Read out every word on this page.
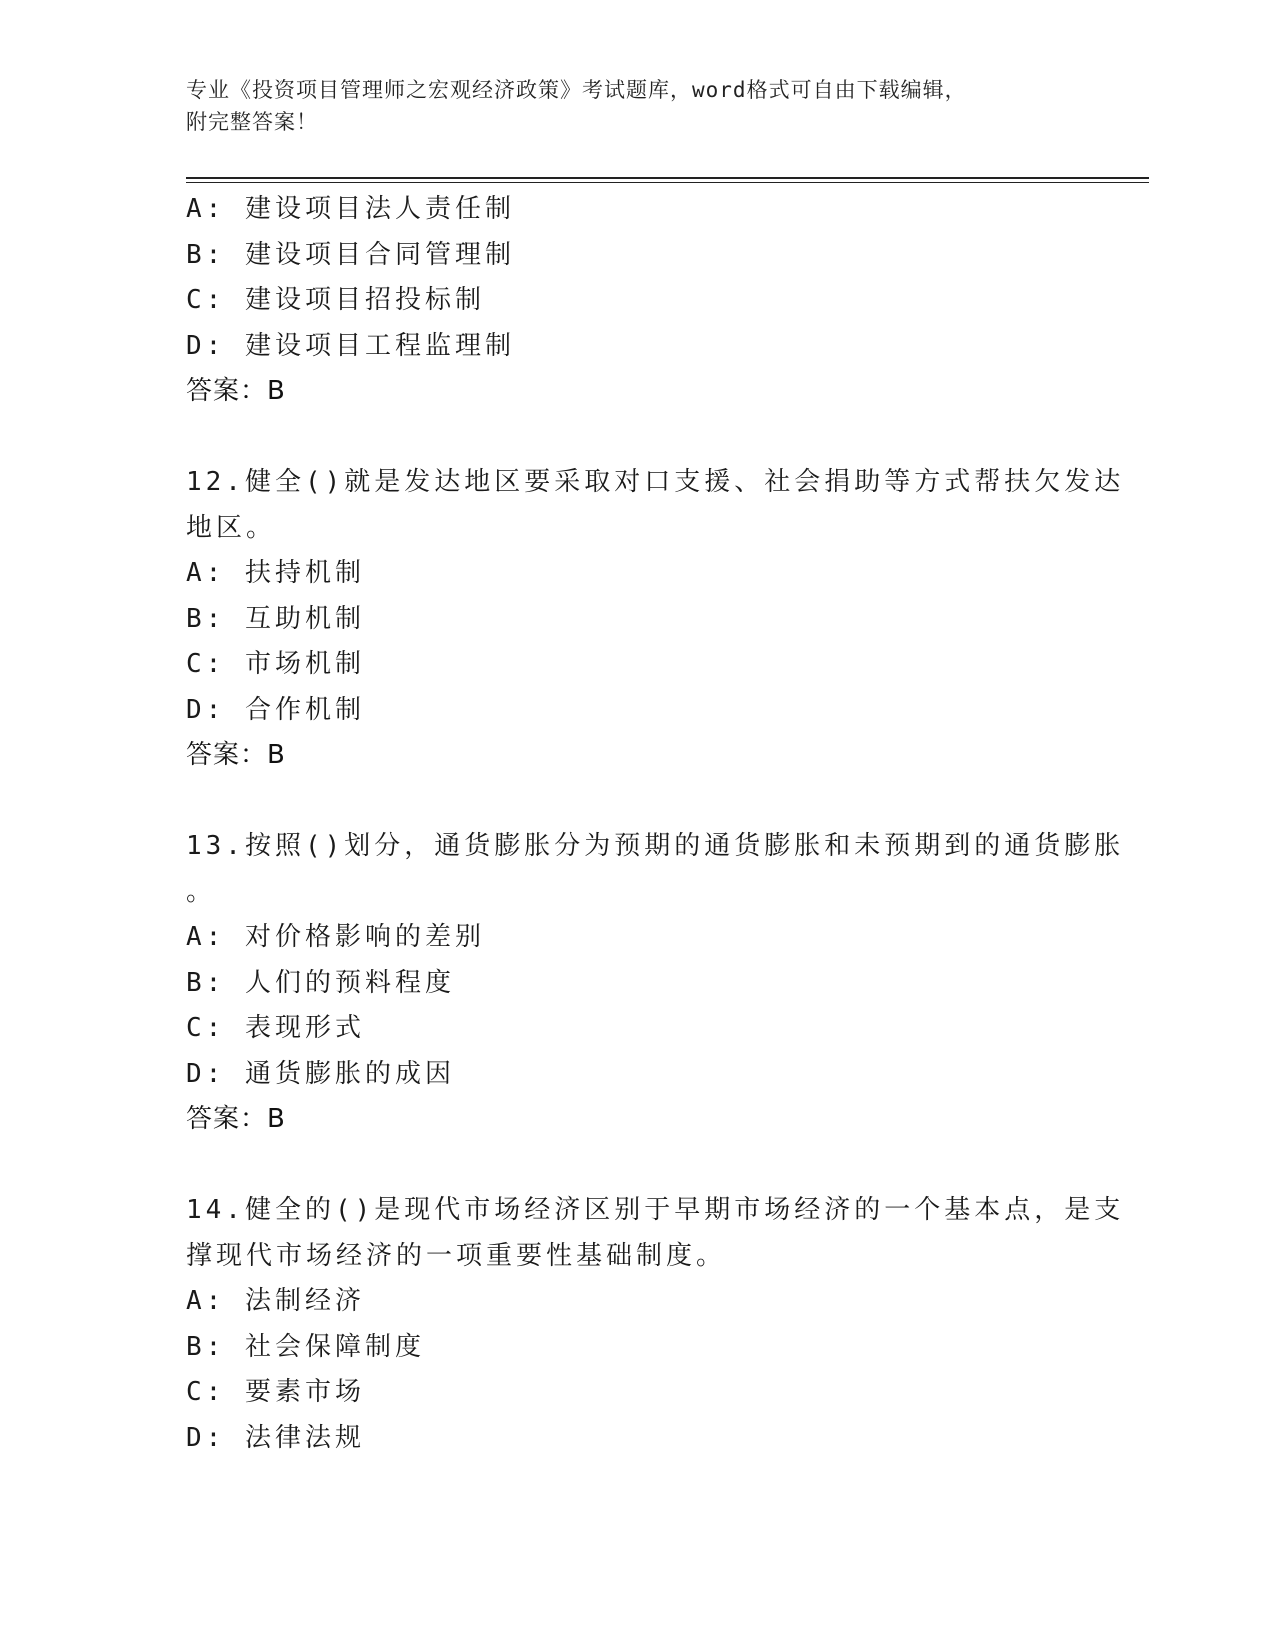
专业《投资项目管理师之宏观经济政策》考试题库，word格式可自由下载编辑，
附完整答案！
A: 建设项目法人责任制
B: 建设项目合同管理制
C: 建设项目招投标制
D: 建设项目工程监理制
答案：B
12.健全()就是发达地区要采取对口支援、社会捐助等方式帮扶欠发达
地区。
A: 扶持机制
B: 互助机制
C: 市场机制
D: 合作机制
答案：B
13.按照()划分，通货膨胀分为预期的通货膨胀和未预期到的通货膨胀
。
A: 对价格影响的差别
B: 人们的预料程度
C: 表现形式
D: 通货膨胀的成因
答案：B
14.健全的()是现代市场经济区别于早期市场经济的一个基本点，是支
撑现代市场经济的一项重要性基础制度。
A: 法制经济
B: 社会保障制度
C: 要素市场
D: 法律法规
